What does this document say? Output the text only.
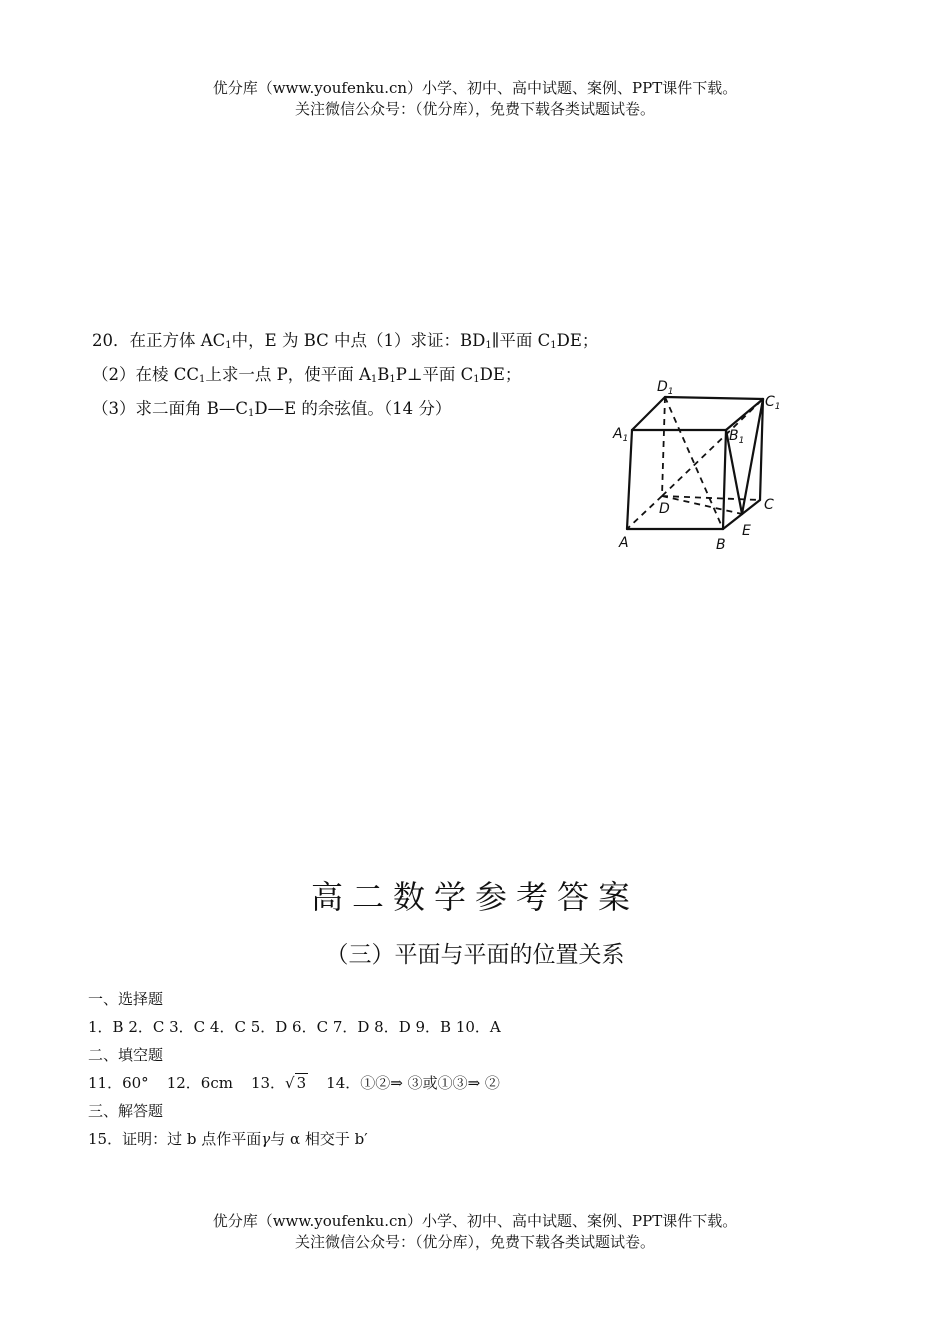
优分库（www.youfenku.cn）小学、初中、高中试题、案例、PPT课件下载。
关注微信公众号：（优分库），免费下载各类试题试卷。
20．在正方体 $AC_1$中，E 为 BC 中点（1）求证：$BD_1\parallel$平面 $C_1DE$；
（2）在棱 $CC_1$上求一点 P，使平面 $A_1B_1P\perp$平面 $C_1DE$；
（3）求二面角 $B—C_1D—E$ 的余弦值。（14 分）
$D_1$
$C_1$
$A_1$	$B_1$
D	C
A	B
E
高二数学参考答案
（三）平面与平面的位置关系
一、选择题
1．B 2．C 3．C 4．C 5．D 6．C 7．D 8．D 9．B 10．A
二、填空题
11．60° 12．6cm 13．√ 3 14．①②⇒ ③或①③⇒ ②
三、解答题
15．证明：过 b 点作平面γ与 α 相交于 b′
优分库（www.youfenku.cn）小学、初中、高中试题、案例、PPT课件下载。
关注微信公众号：（优分库），免费下载各类试题试卷。
